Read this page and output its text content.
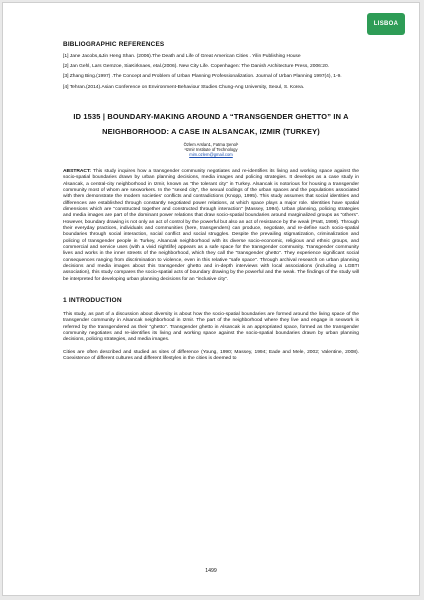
LISBOA
BIBLIOGRAPHIC REFERENCES

[1] Jane Jacobs,&Jin Heng Shan. (2006).The Death and Life of Great American Cities . Yilin Publishing House

[2] Jan Gehl, Lars Gemzoe, SiaKirknaes, etal.(2006). New City Life. Copenhagen: The Danish Architecture Press, 2006:20.

[3] Zhang Bing.(1997) .The Concept and Problem of Urban Planning Professionalization. Journal of Urban Planning 1997(4), 1-9.

[4] Tehran.(2014).Asian Conference on Environment-Behaviour Studies Chung-Ang University, Seoul, S. Korea.

ID 1535 | BOUNDARY-MAKING AROUND A “TRANSGENDER GHETTO” IN A NEIGHBORHOOD: A CASE IN ALSANCAK, IZMIR (TURKEY)
Özlem Arslan1, Fatma Şenol¹
¹Izmir Institute of Technology
mim.ozlem@gmail.com

ABSTRACT: This study inquires how a transgender community negotiates and re-identifies its living and working space against the socio-spatial boundaries drawn by urban planning decisions, media images and policing strategies. It develops as a case study in Alsancak, a central-city neighborhood in Izmir, known as "the tolerant city" in Turkey. Alsancak is notorious for housing a transgender community most of whom are sexworkers. In the "sexed city", the sexual codings of the urban spaces and the populations associated with them demonstrate the modern societies' conflicts and contradictions (Knopp, 1995). This study assumes that social identities and differences are established through constantly negotiated power relations, at which space plays a major role. Identities have spatial dimensions which are "constructed together and constructed through interaction" (Massey, 1994). Urban planning, policing strategies and media images are part of the dominant power relations that draw socio-spatial boundaries around marginalized groups as "others". However, boundary drawing is not only an act of control by the powerful but also an act of resistance by the weak (Pratt, 1999). Through their everyday practices, individuals and communities (here, transgenders) can produce, negotiate, and re-define such socio-spatial boundaries through social interaction, social conflict and social struggles. Despite the prevailing stigmatization, criminalization and policing of transgender people in Turkey, Alsancak neighborhood with its diverse socio-economic, religious and ethnic groups, and commercial and service uses (with a vivid nightlife) appears as a safe space for the transgender community. Transgender community lives and works in the inner streets of the neighborhood, which they call the "transgender ghetto". They experience significant social consequences ranging from discrimination to violence, even in this relative "safe space". Through archival research on urban planning decisions and media images about this transgender ghetto and in-depth interviews with local associations (including a LGBTI association), this study compares the socio-spatial acts of boundary drawing by the powerful and the weak. The findings of the study will be interpreted for developing urban planning decisions for an "inclusive city".

1 INTRODUCTION

This study, as part of a discussion about diversity is about how the socio-spatial boundaries are formed around the living space of the transgender community in Alsancak neighborhood in Izmir. The part of the neighborhood where they live and engage in sexwork is referred by the transgendered as their "ghetto". Transgender ghetto in Alsancak is an appropriated space, formed as the transgender community negotiates and re-identifies its living and working space against the socio-spatial boundaries drawn by urban planning decisions, policing strategies, and media images.

Cities are often described and studied as sites of difference (Young, 1990; Massey, 1994; Eade and Mele, 2002; Valentine, 2008). Coexistence of different cultures and different lifestyles in the cities is deemed to

1499
